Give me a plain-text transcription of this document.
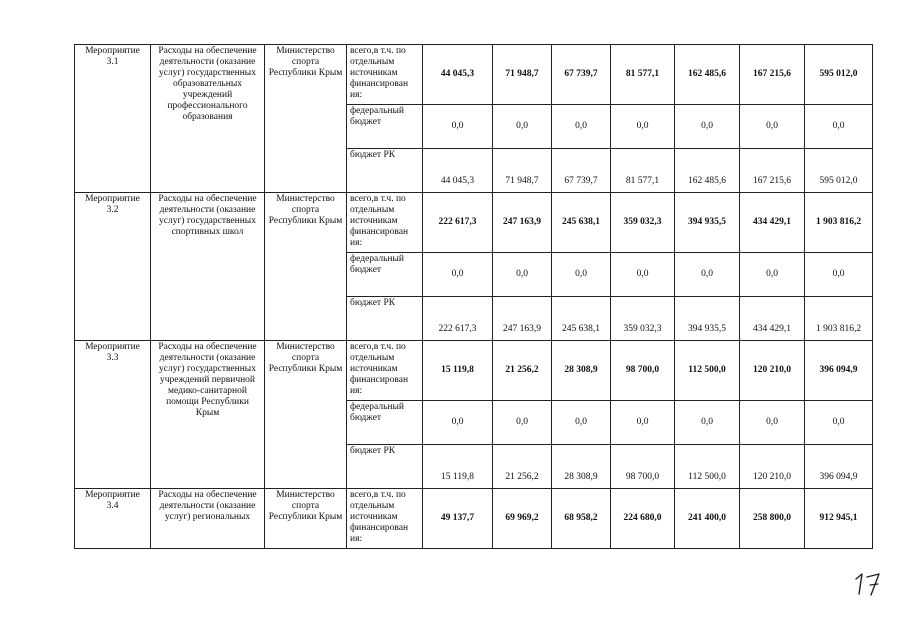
Мероприятие 3.1	Расходы на обеспечение деятельности (оказание услуг) государственных образовательных учреждений профессионального образования	Министерство спорта Республики Крым	всего,в т.ч. по отдельным источникам финансирован ия:	44 045,3	71 948,7	67 739,7	81 577,1	162 485,6	167 215,6	595 012,0
			федеральный бюджет	0,0	0,0	0,0	0,0	0,0	0,0	0,0
			бюджет РК	44 045,3	71 948,7	67 739,7	81 577,1	162 485,6	167 215,6	595 012,0
Мероприятие 3.2	Расходы на обеспечение деятельности (оказание услуг) государственных спортивных школ	Министерство спорта Республики Крым	всего,в т.ч. по отдельным источникам финансирован ия:	222 617,3	247 163,9	245 638,1	359 032,3	394 935,5	434 429,1	1 903 816,2
			федеральный бюджет	0,0	0,0	0,0	0,0	0,0	0,0	0,0
			бюджет РК	222 617,3	247 163,9	245 638,1	359 032,3	394 935,5	434 429,1	1 903 816,2
Мероприятие 3.3	Расходы на обеспечение деятельности (оказание услуг) государственных учреждений первичной медико-санитарной помощи Республики Крым	Министерство спорта Республики Крым	всего,в т.ч. по отдельным источникам финансирован ия:	15 119,8	21 256,2	28 308,9	98 700,0	112 500,0	120 210,0	396 094,9
			федеральный бюджет	0,0	0,0	0,0	0,0	0,0	0,0	0,0
			бюджет РК	15 119,8	21 256,2	28 308,9	98 700,0	112 500,0	120 210,0	396 094,9
Мероприятие 3.4	Расходы на обеспечение деятельности (оказание услуг) региональных	Министерство спорта Республики Крым	всего,в т.ч. по отдельным источникам финансирован ия:	49 137,7	69 969,2	68 958,2	224 680,0	241 400,0	258 800,0	912 945,1
